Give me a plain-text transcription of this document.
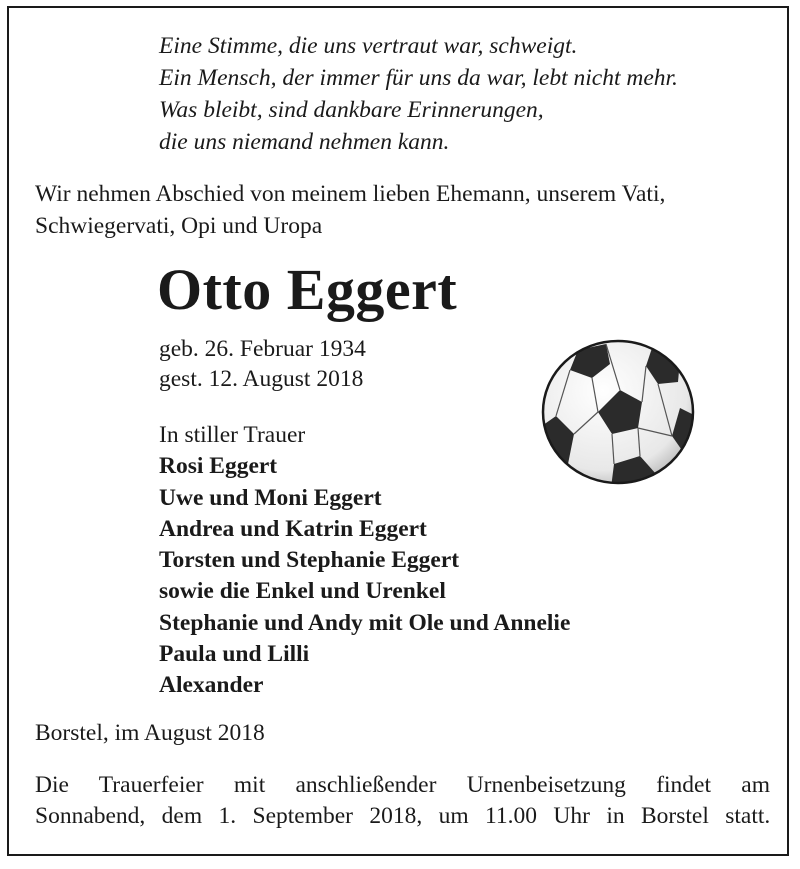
Eine Stimme, die uns vertraut war, schweigt.
Ein Mensch, der immer für uns da war, lebt nicht mehr.
Was bleibt, sind dankbare Erinnerungen,
die uns niemand nehmen kann.
Wir nehmen Abschied von meinem lieben Ehemann, unserem Vati, Schwiegervati, Opi und Uropa
Otto Eggert
geb. 26. Februar 1934
gest. 12. August 2018
In stiller Trauer
Rosi Eggert
Uwe und Moni Eggert
Andrea und Katrin Eggert
Torsten und Stephanie Eggert
sowie die Enkel und Urenkel
Stephanie und Andy mit Ole und Annelie
Paula und Lilli
Alexander
Borstel, im August 2018
Die Trauerfeier mit anschließender Urnenbeisetzung findet am
Sonnabend, dem 1. September 2018, um 11.00 Uhr in Borstel statt.
